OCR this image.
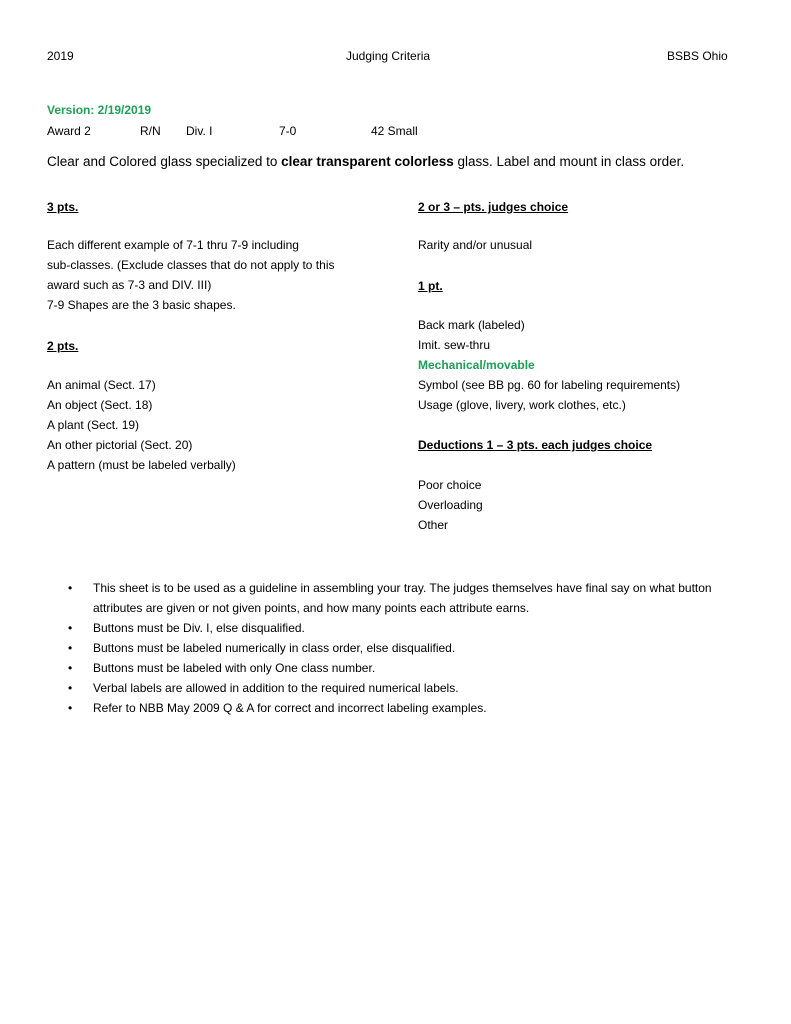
2019	Judging Criteria	BSBS Ohio
Version: 2/19/2019
Award 2	R/N Div. I	7-0	42 Small
Clear and Colored glass specialized to clear transparent colorless glass. Label and mount in class order.
3 pts.
Each different example of 7-1 thru 7-9 including
sub-classes. (Exclude classes that do not apply to this
award such as 7-3 and DIV. III)
7-9 Shapes are the 3 basic shapes.
2 pts.
An animal (Sect. 17)
An object (Sect. 18)
A plant (Sect. 19)
An other pictorial (Sect. 20)
A pattern (must be labeled verbally)
2 or 3 – pts. judges choice
Rarity and/or unusual
1 pt.
Back mark (labeled)
Imit. sew-thru
Mechanical/movable
Symbol (see BB pg. 60 for labeling requirements)
Usage (glove, livery, work clothes, etc.)
Deductions 1 – 3 pts. each judges choice
Poor choice
Overloading
Other
• This sheet is to be used as a guideline in assembling your tray. The judges themselves have final say on what button attributes are given or not given points, and how many points each attribute earns.
• Buttons must be Div. I, else disqualified.
• Buttons must be labeled numerically in class order, else disqualified.
• Buttons must be labeled with only One class number.
• Verbal labels are allowed in addition to the required numerical labels.
• Refer to NBB May 2009 Q & A for correct and incorrect labeling examples.
